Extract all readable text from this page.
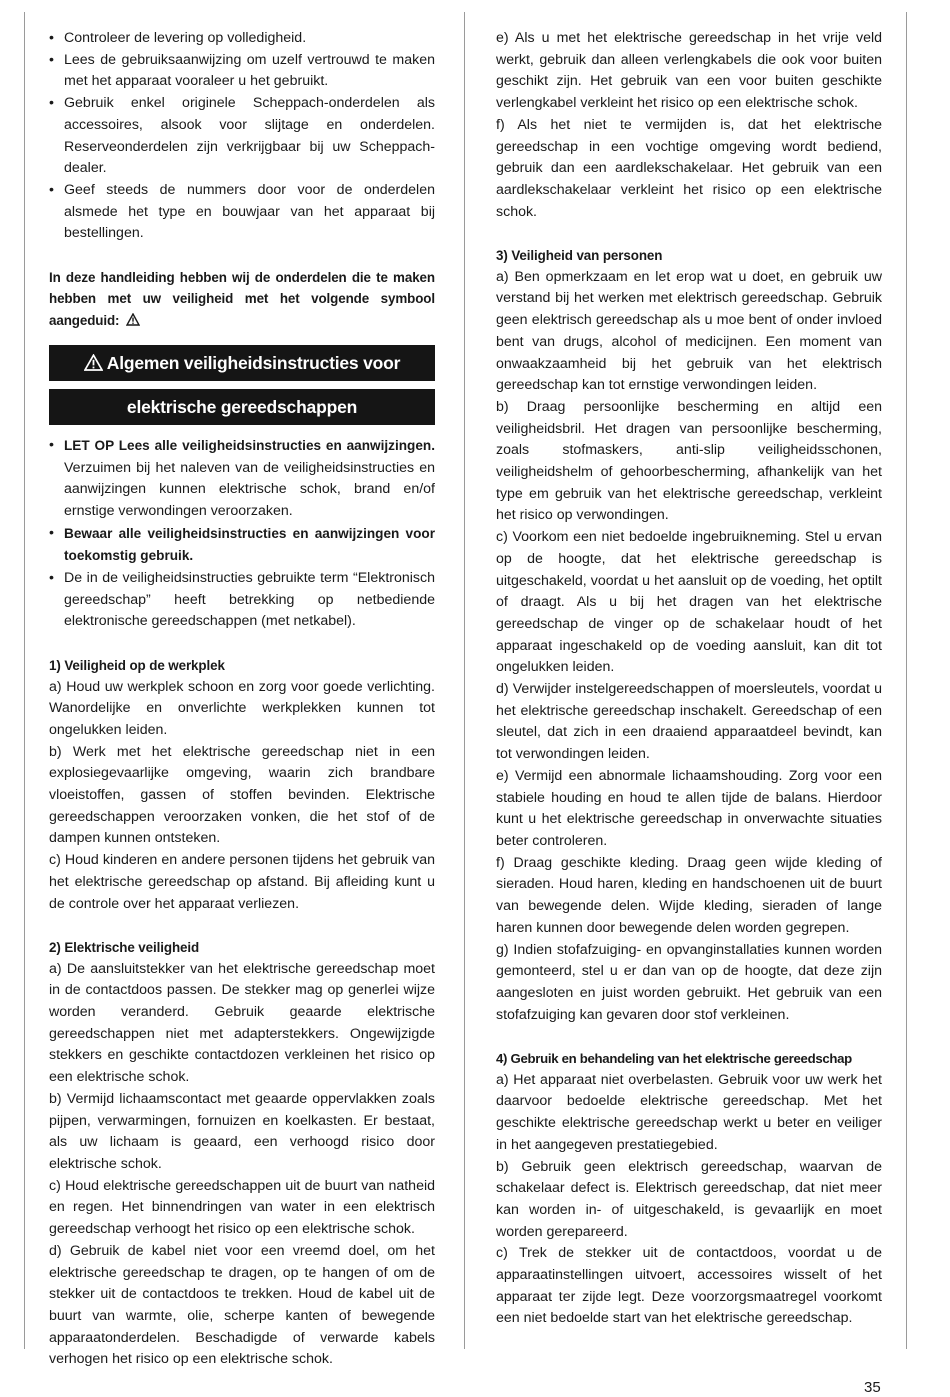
• Controleer de levering op volledigheid.
• Lees de gebruiksaanwijzing om uzelf vertrouwd te maken met het apparaat vooraleer u het gebruikt.
• Gebruik enkel originele Scheppach-onderdelen als accessoires, alsook voor slijtage en onderdelen. Reserveonderdelen zijn verkrijgbaar bij uw Scheppach-dealer.
• Geef steeds de nummers door voor de onderdelen alsmede het type en bouwjaar van het apparaat bij bestellingen.

In deze handleiding hebben wij de onderdelen die te maken hebben met uw veiligheid met het volgende symbool aangeduid:

Algemen veiligheidsinstructies voor
elektrische gereedschappen
• LET OP Lees alle veiligheidsinstructies en aanwijzingen. Verzuimen bij het naleven van de veiligheidsinstructies en aanwijzingen kunnen elektrische schok, brand en/of ernstige verwondingen veroorzaken.
• Bewaar alle veiligheidsinstructies en aanwijzingen voor toekomstig gebruik.
• De in de veiligheidsinstructies gebruikte term “Elektronisch gereedschap” heeft betrekking op netbediende elektronische gereedschappen (met netkabel).

1) Veiligheid op de werkplek

a) Houd uw werkplek schoon en zorg voor goede verlichting. Wanordelijke en onverlichte werkplekken kunnen tot ongelukken leiden.

b) Werk met het elektrische gereedschap niet in een explosiegevaarlijke omgeving, waarin zich brandbare vloeistoffen, gassen of stoffen bevinden. Elektrische gereedschappen veroorzaken vonken, die het stof of de dampen kunnen ontsteken.

c) Houd kinderen en andere personen tijdens het gebruik van het elektrische gereedschap op afstand. Bij afleiding kunt u de controle over het apparaat verliezen.

2) Elektrische veiligheid

a) De aansluitstekker van het elektrische gereedschap moet in de contactdoos passen. De stekker mag op generlei wijze worden veranderd. Gebruik geaarde elektrische gereedschappen niet met adapterstekkers. Ongewijzigde stekkers en geschikte contactdozen verkleinen het risico op een elektrische schok.

b) Vermijd lichaamscontact met geaarde oppervlakken zoals pijpen, verwarmingen, fornuizen en koelkasten. Er bestaat, als uw lichaam is geaard, een verhoogd risico door elektrische schok.

c) Houd elektrische gereedschappen uit de buurt van natheid en regen. Het binnendringen van water in een elektrisch gereedschap verhoogt het risico op een elektrische schok.

d) Gebruik de kabel niet voor een vreemd doel, om het elektrische gereedschap te dragen, op te hangen of om de stekker uit de contactdoos te trekken. Houd de kabel uit de buurt van warmte, olie, scherpe kanten of bewegende apparaatonderdelen. Beschadigde of verwarde kabels verhogen het risico op een elektrische schok.

e) Als u met het elektrische gereedschap in het vrije veld werkt, gebruik dan alleen verlengkabels die ook voor buiten geschikt zijn. Het gebruik van een voor buiten geschikte verlengkabel verkleint het risico op een elektrische schok.

f) Als het niet te vermijden is, dat het elektrische gereedschap in een vochtige omgeving wordt bediend, gebruik dan een aardlekschakelaar. Het gebruik van een aardlekschakelaar verkleint het risico op een elektrische schok.

3) Veiligheid van personen

a) Ben opmerkzaam en let erop wat u doet, en gebruik uw verstand bij het werken met elektrisch gereedschap. Gebruik geen elektrisch gereedschap als u moe bent of onder invloed bent van drugs, alcohol of medicijnen. Een moment van onwaakzaamheid bij het gebruik van het elektrisch gereedschap kan tot ernstige verwondingen leiden.

b) Draag persoonlijke bescherming en altijd een veiligheidsbril. Het dragen van persoonlijke bescherming, zoals stofmaskers, anti-slip veiligheidsschonen, veiligheidshelm of gehoorbescherming, afhankelijk van het type em gebruik van het elektrische gereedschap, verkleint het risico op verwondingen.

c) Voorkom een niet bedoelde ingebruikneming. Stel u ervan op de hoogte, dat het elektrische gereedschap is uitgeschakeld, voordat u het aansluit op de voeding, het optilt of draagt. Als u bij het dragen van het elektrische gereedschap de vinger op de schakelaar houdt of het apparaat ingeschakeld op de voeding aansluit, kan dit tot ongelukken leiden.

d) Verwijder instelgereedschappen of moersleutels, voordat u het elektrische gereedschap inschakelt. Gereedschap of een sleutel, dat zich in een draaiend apparaatdeel bevindt, kan tot verwondingen leiden.

e) Vermijd een abnormale lichaamshouding. Zorg voor een stabiele houding en houd te allen tijde de balans. Hierdoor kunt u het elektrische gereedschap in onverwachte situaties beter controleren.

f) Draag geschikte kleding. Draag geen wijde kleding of sieraden. Houd haren, kleding en handschoenen uit de buurt van bewegende delen. Wijde kleding, sieraden of lange haren kunnen door bewegende delen worden gegrepen.

g) Indien stofafzuiging- en opvanginstallaties kunnen worden gemonteerd, stel u er dan van op de hoogte, dat deze zijn aangesloten en juist worden gebruikt. Het gebruik van een stofafzuiging kan gevaren door stof verkleinen.

4) Gebruik en behandeling van het elektrische gereedschap

a) Het apparaat niet overbelasten. Gebruik voor uw werk het daarvoor bedoelde elektrische gereedschap. Met het geschikte elektrische gereedschap werkt u beter en veiliger in het aangegeven prestatiegebied.

b) Gebruik geen elektrisch gereedschap, waarvan de schakelaar defect is. Elektrisch gereedschap, dat niet meer kan worden in- of uitgeschakeld, is gevaarlijk en moet worden gerepareerd.

c) Trek de stekker uit de contactdoos, voordat u de apparaatinstellingen uitvoert, accessoires wisselt of het apparaat ter zijde legt. Deze voorzorgsmaatregel voorkomt een niet bedoelde start van het elektrische gereedschap.

35
